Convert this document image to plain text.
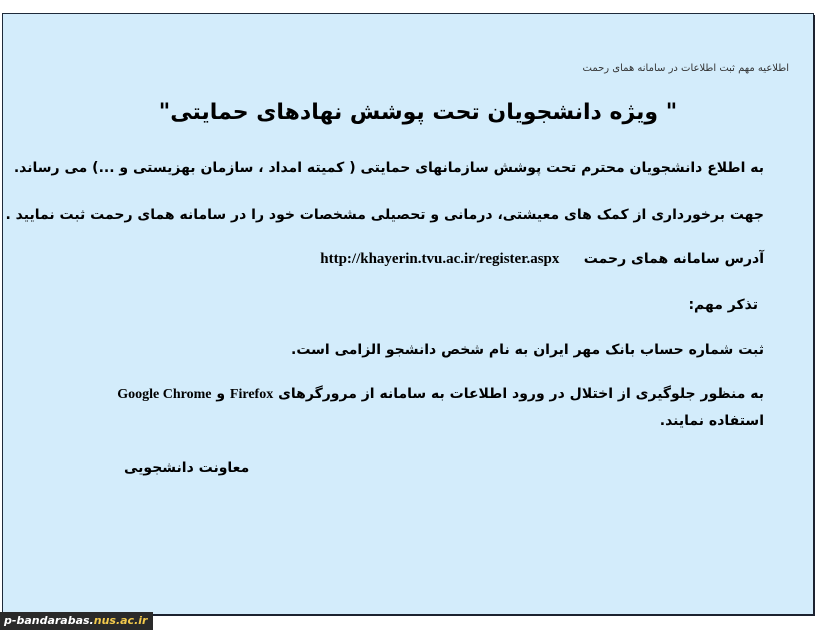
اطلاعیه مهم ثبت اطلاعات در سامانه همای رحمت
" ویژه دانشجویان تحت پوشش نهادهای حمایتی"
به اطلاع دانشجویان محترم تحت پوشش سازمانهای حمایتی ( کمیته امداد ، سازمان بهزیستی و ...) می رساند.
جهت برخورداری از کمک های معیشتی، درمانی و تحصیلی مشخصات خود را در سامانه همای رحمت ثبت نمایید .
آدرس سامانه همای رحمت     http://khayerin.tvu.ac.ir/register.aspx
تذکر مهم:
ثبت شماره حساب بانک مهر ایران به نام شخص دانشجو الزامی است.
به منظور جلوگیری از اختلال در ورود اطلاعات به سامانه از مرورگرهای Firefox و Google Chrome استفاده نمایند.
معاونت دانشجویی
p-bandarabas.nus.ac.ir
